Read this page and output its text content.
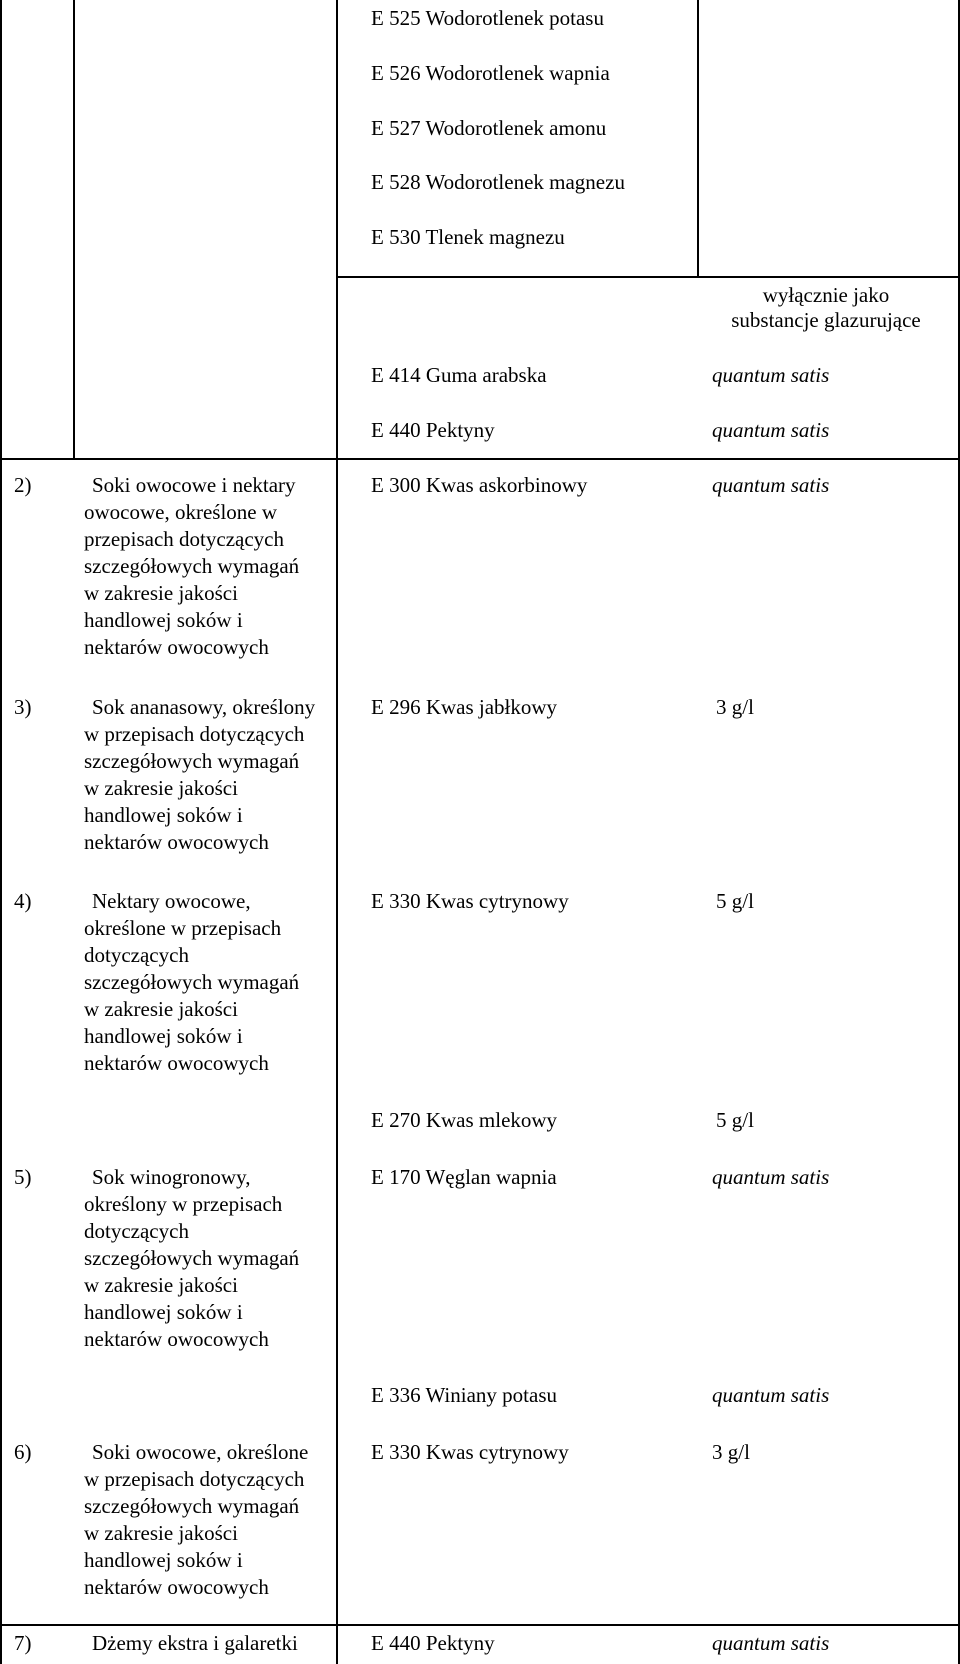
E 525 Wodorotlenek potasu
E 526 Wodorotlenek wapnia
E 527 Wodorotlenek amonu
E 528 Wodorotlenek magnezu
E 530 Tlenek magnezu
wyłącznie jako
substancje glazurujące
E 414 Guma arabska	quantum satis
E 440 Pektyny	quantum satis
2)	Soki owocowe i nektary
owocowe, określone w
przepisach dotyczących
szczegółowych wymagań
w zakresie jakości
handlowej soków i
nektarów owocowych
E 300 Kwas askorbinowy	quantum satis
3)	Sok ananasowy, określony
w przepisach dotyczących
szczegółowych wymagań
w zakresie jakości
handlowej soków i
nektarów owocowych
E 296 Kwas jabłkowy	3 g/l
4)	Nektary owocowe,
określone w przepisach
dotyczących
szczegółowych wymagań
w zakresie jakości
handlowej soków i
nektarów owocowych
E 330 Kwas cytrynowy	5 g/l
E 270 Kwas mlekowy	5 g/l
5)	Sok winogronowy,
określony w przepisach
dotyczących
szczegółowych wymagań
w zakresie jakości
handlowej soków i
nektarów owocowych
E 170 Węglan wapnia	quantum satis
E 336 Winiany potasu	quantum satis
6)	Soki owocowe, określone
w przepisach dotyczących
szczegółowych wymagań
w zakresie jakości
handlowej soków i
nektarów owocowych
E 330 Kwas cytrynowy	3 g/l
7)	Dżemy ekstra i galaretki	E 440 Pektyny	quantum satis
